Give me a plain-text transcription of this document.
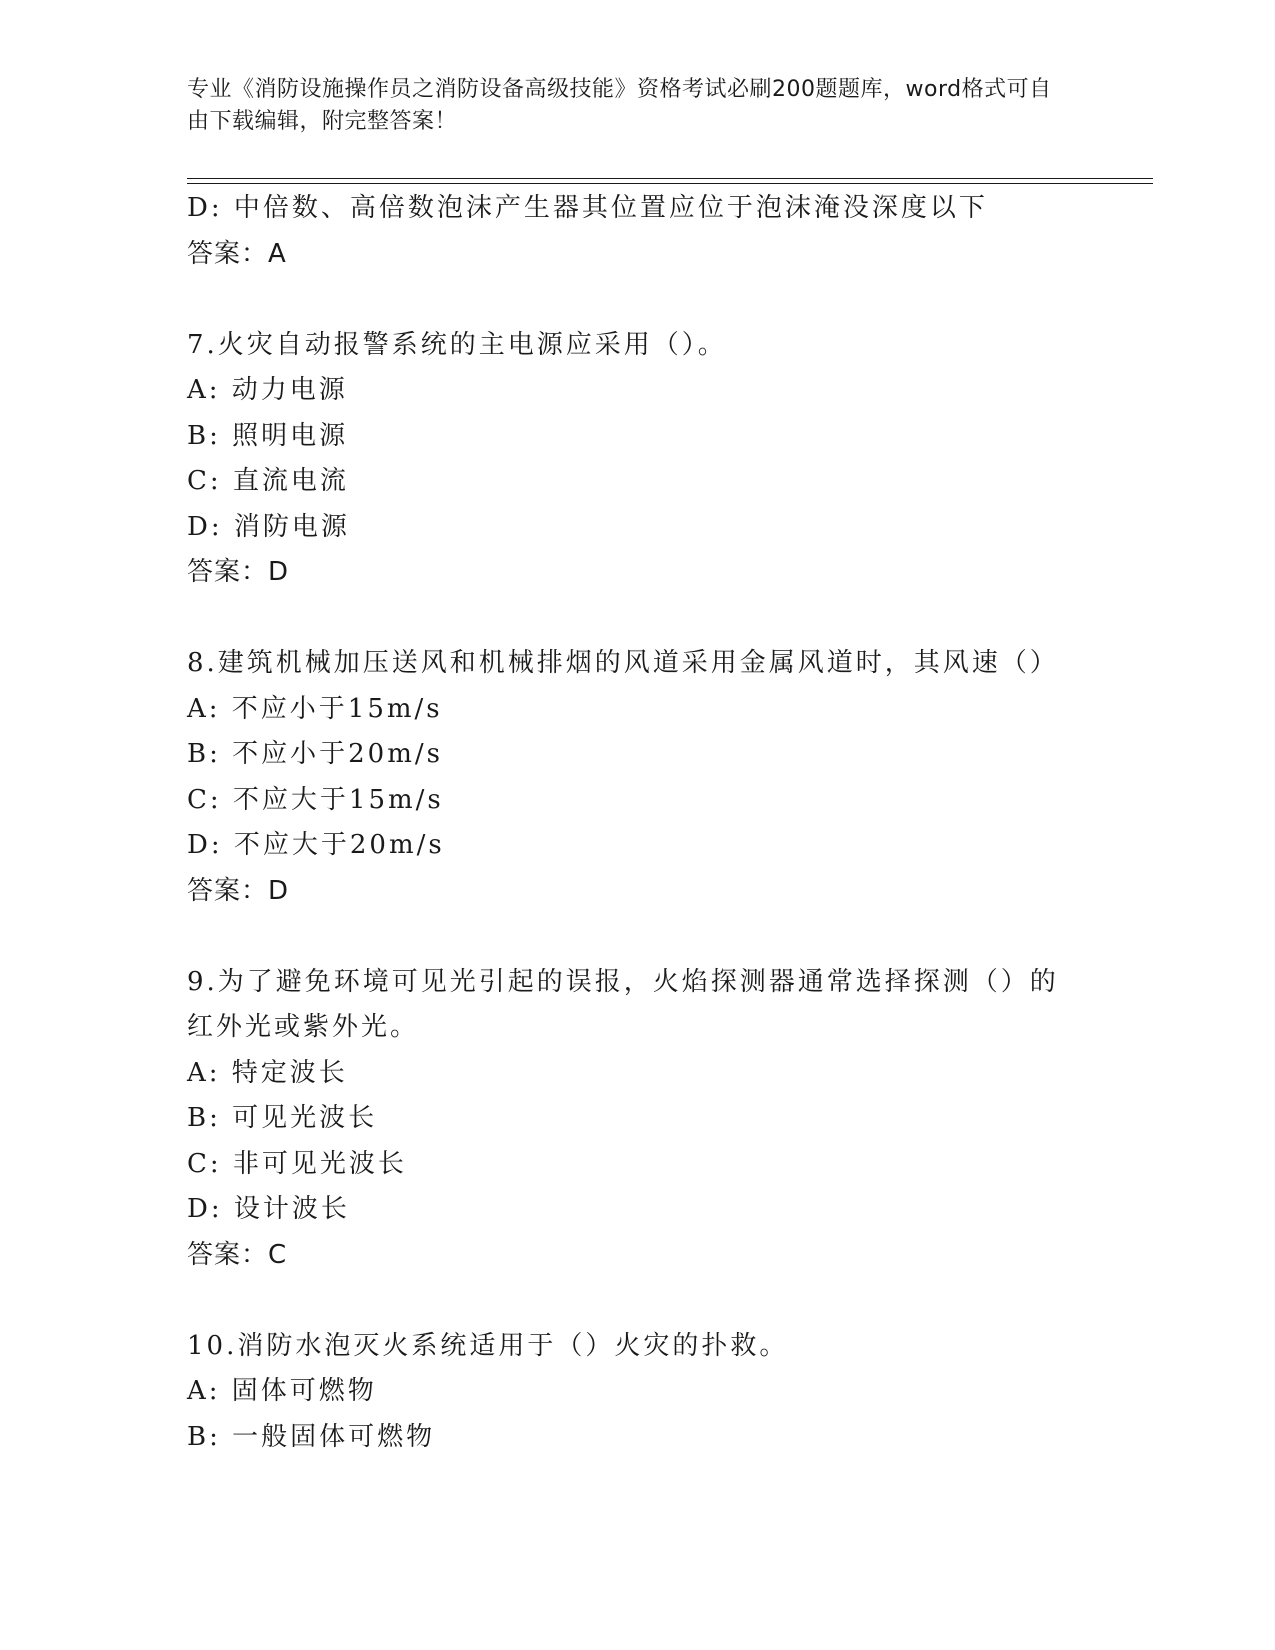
专业《消防设施操作员之消防设备高级技能》资格考试必刷200题题库，word格式可自由下载编辑，附完整答案！
D: 中倍数、高倍数泡沫产生器其位置应位于泡沫淹没深度以下
答案：A
7.火灾自动报警系统的主电源应采用（）。
A: 动力电源
B: 照明电源
C: 直流电流
D: 消防电源
答案：D
8.建筑机械加压送风和机械排烟的风道采用金属风道时，其风速（）
A: 不应小于15m/s
B: 不应小于20m/s
C: 不应大于15m/s
D: 不应大于20m/s
答案：D
9.为了避免环境可见光引起的误报，火焰探测器通常选择探测（）的红外光或紫外光。
A: 特定波长
B: 可见光波长
C: 非可见光波长
D: 设计波长
答案：C
10.消防水泡灭火系统适用于（）火灾的扑救。
A: 固体可燃物
B: 一般固体可燃物
